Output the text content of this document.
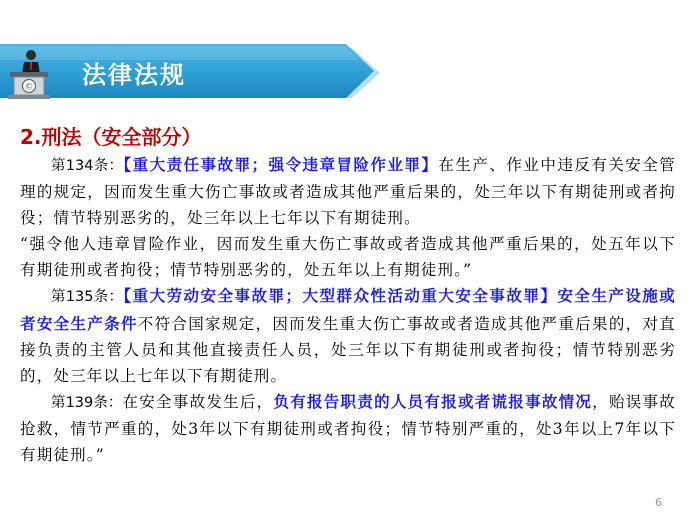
© 法律法规
2.刑法（安全部分）

第134条：【重大责任事故罪；强令违章冒险作业罪】在生产、作业中违反有关安全管理的规定，因而发生重大伤亡事故或者造成其他严重后果的，处三年以下有期徒刑或者拘役；情节特别恶劣的，处三年以上七年以下有期徒刑。

“强令他人违章冒险作业，因而发生重大伤亡事故或者造成其他严重后果的，处五年以下有期徒刑或者拘役；情节特别恶劣的，处五年以上有期徒刑。”

第135条：【重大劳动安全事故罪；大型群众性活动重大安全事故罪】安全生产设施或者安全生产条件不符合国家规定，因而发生重大伤亡事故或者造成其他严重后果的，对直接负责的主管人员和其他直接责任人员，处三年以下有期徒刑或者拘役；情节特别恶劣的，处三年以上七年以下有期徒刑。

第139条：在安全事故发生后，负有报告职责的人员有报或者谎报事故情况，贻误事故抢救，情节严重的，处3年以下有期徒刑或者拘役；情节特别严重的，处3年以上7年以下有期徒刑。”

6
